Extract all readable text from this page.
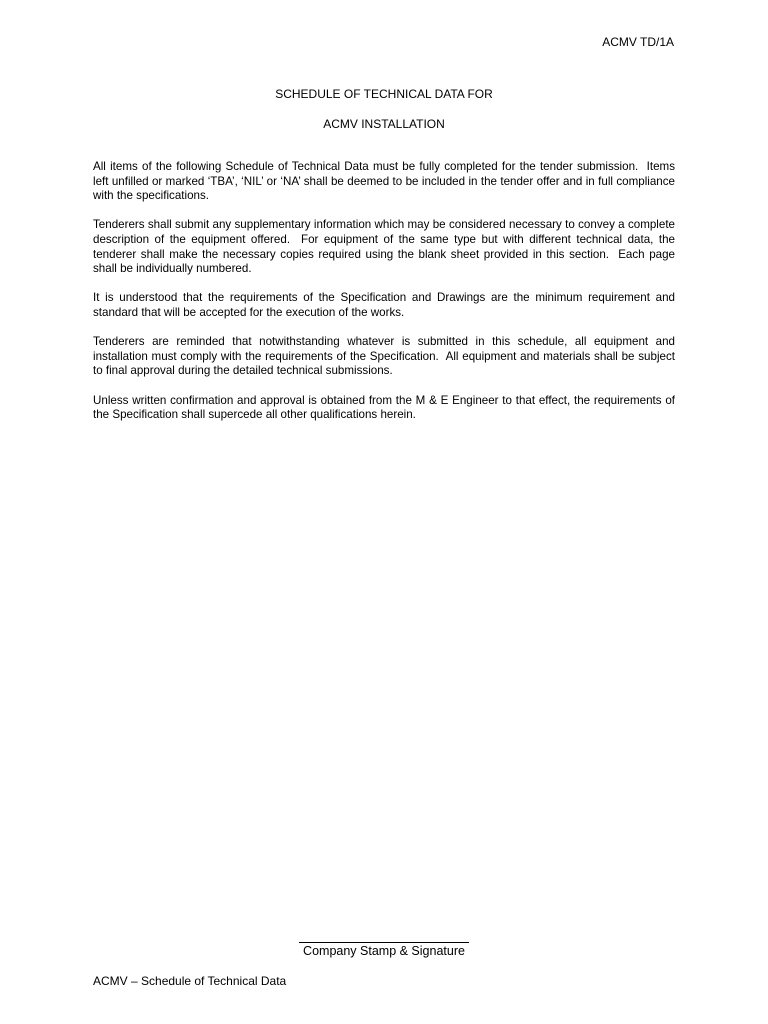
ACMV TD/1A
SCHEDULE OF TECHNICAL DATA FOR
ACMV INSTALLATION

All items of the following Schedule of Technical Data must be fully completed for the tender submission.  Items left unfilled or marked ‘TBA’, ‘NIL’ or ‘NA’ shall be deemed to be included in the tender offer and in full compliance with the specifications.

Tenderers shall submit any supplementary information which may be considered necessary to convey a complete description of the equipment offered.  For equipment of the same type but with different technical data, the tenderer shall make the necessary copies required using the blank sheet provided in this section.  Each page shall be individually numbered.

It is understood that the requirements of the Specification and Drawings are the minimum requirement and standard that will be accepted for the execution of the works.

Tenderers are reminded that notwithstanding whatever is submitted in this schedule, all equipment and installation must comply with the requirements of the Specification.  All equipment and materials shall be subject to final approval during the detailed technical submissions.

Unless written confirmation and approval is obtained from the M & E Engineer to that effect, the requirements of the Specification shall supercede all other qualifications herein.

Company Stamp & Signature
ACMV – Schedule of Technical Data
